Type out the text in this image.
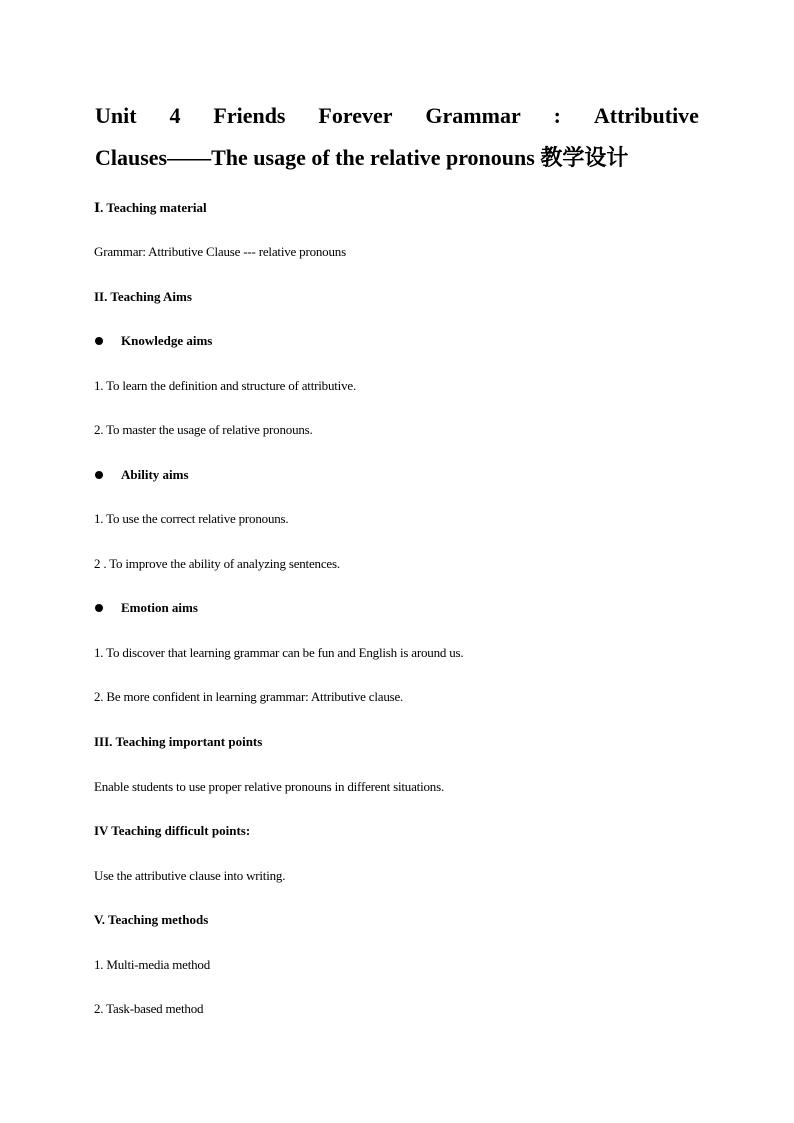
Unit 4 Friends Forever Grammar : Attributive
Clauses——The usage of the relative pronouns 教学设计
Ⅰ. Teaching material
Grammar: Attributive Clause --- relative pronouns
II. Teaching Aims
Knowledge aims
1. To learn the definition and structure of attributive.
2. To master the usage of relative pronouns.
Ability aims
1. To use the correct relative pronouns.
2 . To improve the ability of analyzing sentences.
Emotion aims
1. To discover that learning grammar can be fun and English is around us.
2. Be more confident in learning grammar: Attributive clause.
III. Teaching important points
Enable students to use proper relative pronouns in different situations.
IV Teaching difficult points:
Use the attributive clause into writing.
V. Teaching methods
1. Multi-media method
2. Task-based method
